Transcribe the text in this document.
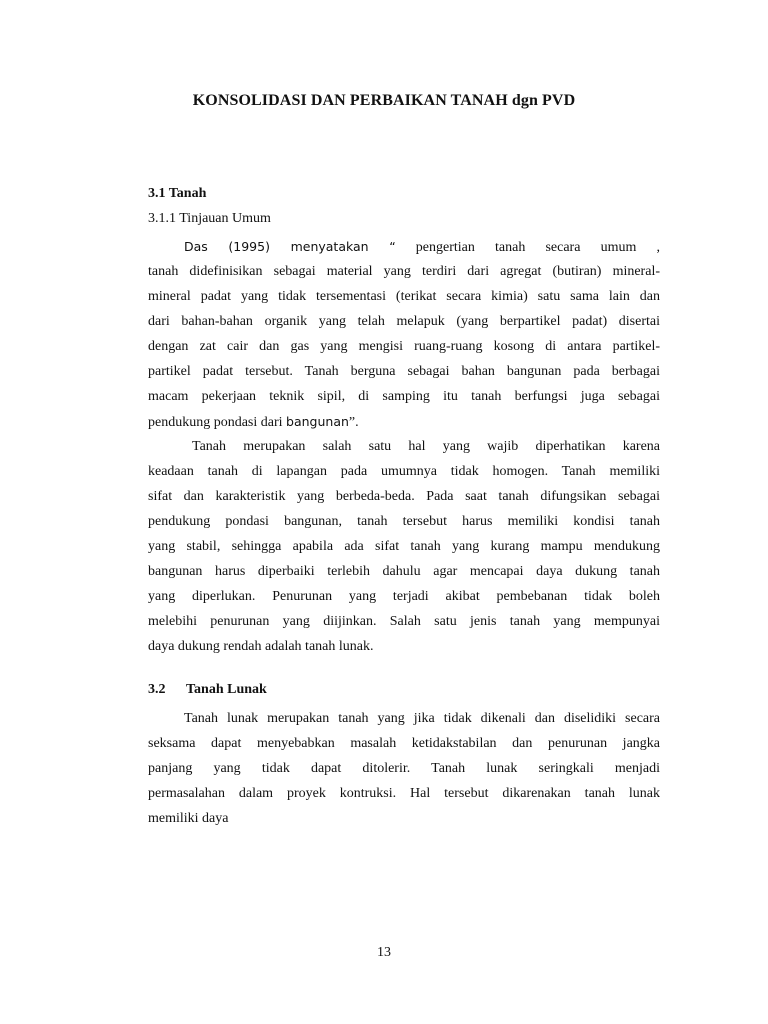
KONSOLIDASI DAN PERBAIKAN TANAH dgn PVD
3.1 Tanah
3.1.1 Tinjauan Umum
Das (1995) menyatakan “ pengertian tanah secara umum ,
tanah didefinisikan sebagai material yang terdiri dari agregat (butiran) mineral-
mineral padat yang tidak tersementasi (terikat secara kimia) satu sama lain dan
dari bahan-bahan organik yang telah melapuk (yang berpartikel padat) disertai
dengan zat cair dan gas yang mengisi ruang-ruang kosong di antara partikel-
partikel padat tersebut. Tanah berguna sebagai bahan bangunan pada berbagai
macam pekerjaan teknik sipil, di samping itu tanah berfungsi juga sebagai
pendukung pondasi dari bangunan”.
Tanah merupakan salah satu hal yang wajib diperhatikan karena
keadaan tanah di lapangan pada umumnya tidak homogen. Tanah memiliki
sifat dan karakteristik yang berbeda-beda. Pada saat tanah difungsikan sebagai
pendukung pondasi bangunan, tanah tersebut harus memiliki kondisi tanah
yang stabil, sehingga apabila ada sifat tanah yang kurang mampu mendukung
bangunan harus diperbaiki terlebih dahulu agar mencapai daya dukung tanah
yang diperlukan. Penurunan yang terjadi akibat pembebanan tidak boleh
melebihi penurunan yang diijinkan. Salah satu jenis tanah yang mempunyai
daya dukung rendah adalah tanah lunak.
3.2 Tanah Lunak
Tanah lunak merupakan tanah yang jika tidak dikenali dan diselidiki secara
seksama dapat menyebabkan masalah ketidakstabilan dan penurunan jangka
panjang yang tidak dapat ditolerir. Tanah lunak seringkali menjadi
permasalahan dalam proyek kontruksi. Hal tersebut dikarenakan tanah lunak
memiliki daya
13
